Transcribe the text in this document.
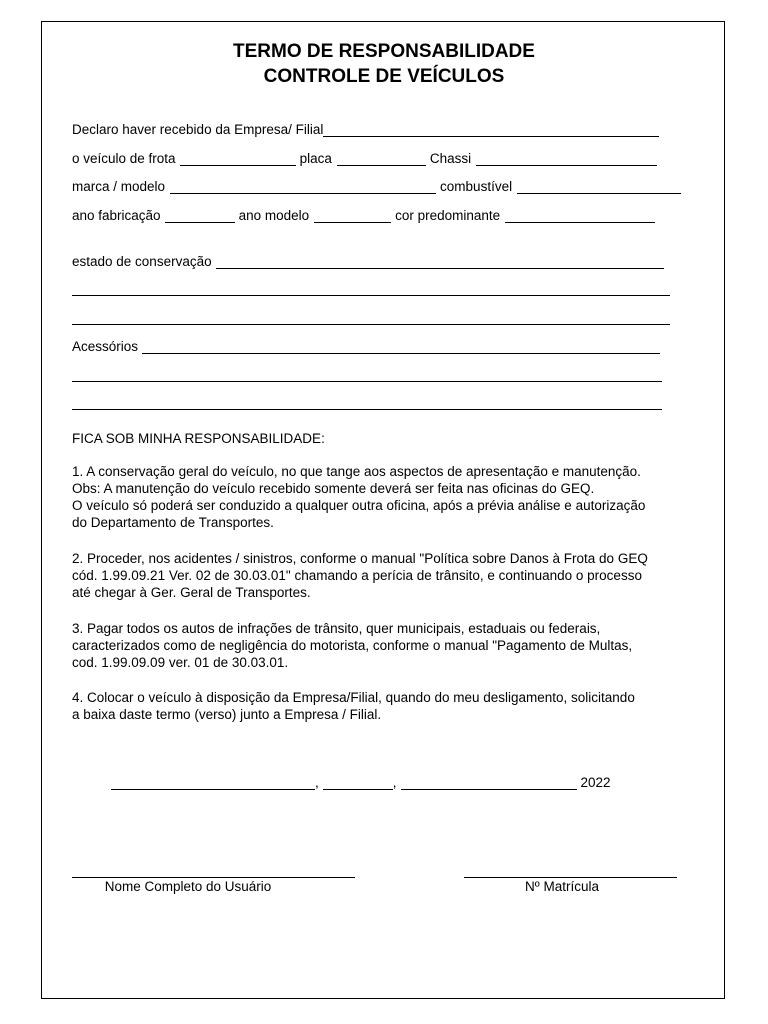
TERMO DE RESPONSABILIDADE
CONTROLE DE VEÍCULOS
Declaro haver recebido da Empresa/ Filial
o veículo de frota	placa	Chassi
marca / modelo	combustível
ano fabricação	ano modelo	cor predominante
estado de conservação
Acessórios

FICA SOB MINHA RESPONSABILIDADE:

1. A conservação geral do veículo, no que tange aos aspectos de apresentação e manutenção.
Obs: A manutenção do veículo recebido somente deverá ser feita nas oficinas do GEQ.
O veículo só poderá ser conduzido a qualquer outra oficina, após a prévia análise e autorização
do Departamento de Transportes.
2. Proceder, nos acidentes / sinistros, conforme o manual "Política sobre Danos à Frota do GEQ
cód. 1.99.09.21 Ver. 02 de 30.03.01" chamando a perícia de trânsito, e continuando o processo
até chegar à Ger. Geral de Transportes.
3. Pagar todos os autos de infrações de trânsito, quer municipais, estaduais ou federais,
caracterizados como de negligência do motorista, conforme o manual "Pagamento de Multas,
cod. 1.99.09.09 ver. 01 de 30.03.01.
4. Colocar o veículo à disposição da Empresa/Filial, quando do meu desligamento, solicitando
a baixa daste termo (verso) junto a Empresa / Filial.
,	,	2022
Nome Completo do Usuário	Nº Matrícula
